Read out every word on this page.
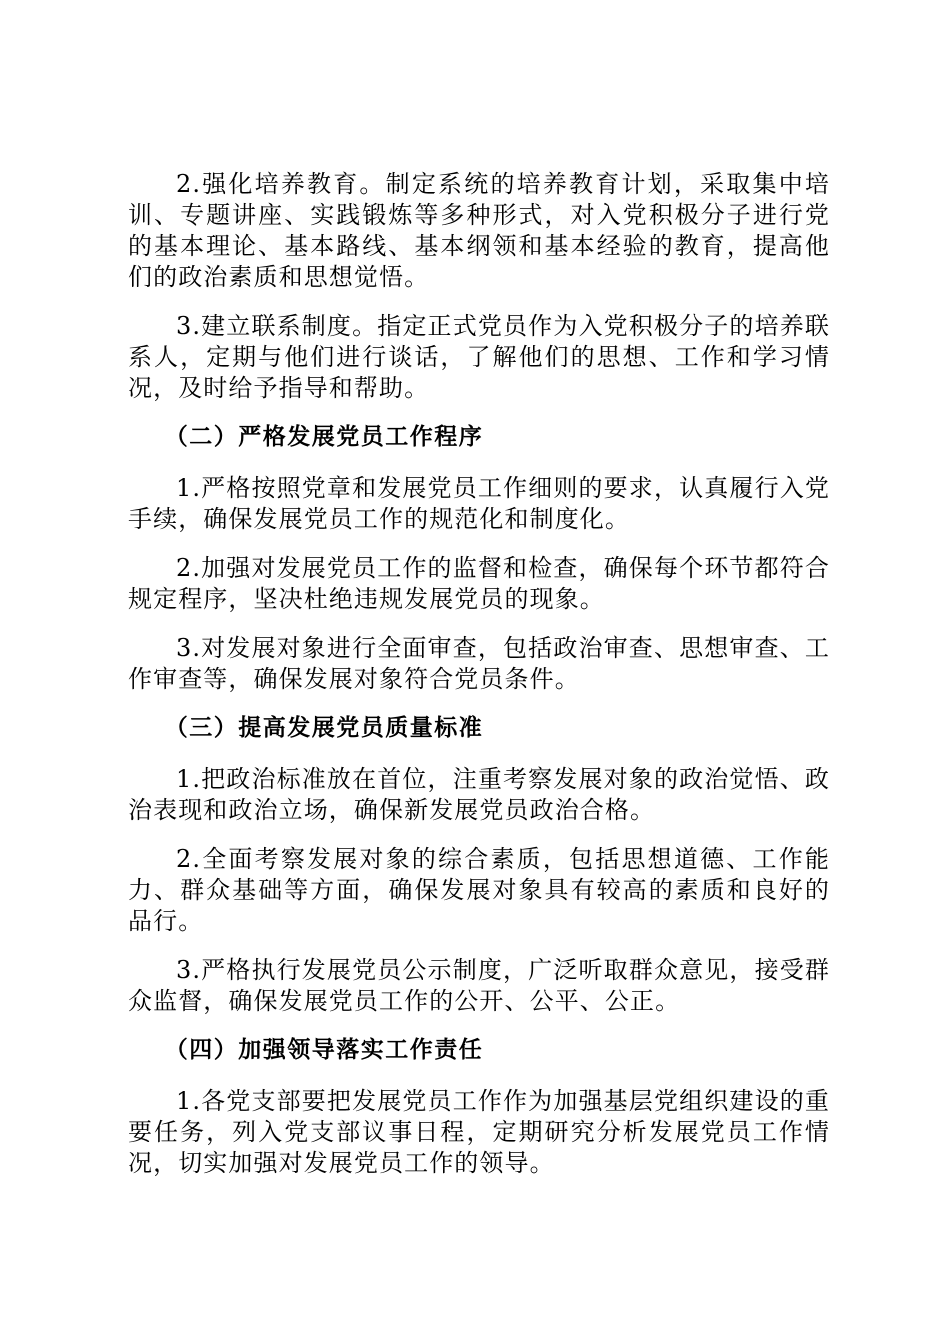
2.强化培养教育。制定系统的培养教育计划，采取集中培训、专题讲座、实践锻炼等多种形式，对入党积极分子进行党的基本理论、基本路线、基本纲领和基本经验的教育，提高他们的政治素质和思想觉悟。

3.建立联系制度。指定正式党员作为入党积极分子的培养联系人，定期与他们进行谈话，了解他们的思想、工作和学习情况，及时给予指导和帮助。

（二）严格发展党员工作程序

1.严格按照党章和发展党员工作细则的要求，认真履行入党手续，确保发展党员工作的规范化和制度化。

2.加强对发展党员工作的监督和检查，确保每个环节都符合规定程序，坚决杜绝违规发展党员的现象。

3.对发展对象进行全面审查，包括政治审查、思想审查、工作审查等，确保发展对象符合党员条件。

（三）提高发展党员质量标准

1.把政治标准放在首位，注重考察发展对象的政治觉悟、政治表现和政治立场，确保新发展党员政治合格。

2.全面考察发展对象的综合素质，包括思想道德、工作能力、群众基础等方面，确保发展对象具有较高的素质和良好的品行。

3.严格执行发展党员公示制度，广泛听取群众意见，接受群众监督，确保发展党员工作的公开、公平、公正。

（四）加强领导落实工作责任

1.各党支部要把发展党员工作作为加强基层党组织建设的重要任务，列入党支部议事日程，定期研究分析发展党员工作情况，切实加强对发展党员工作的领导。
